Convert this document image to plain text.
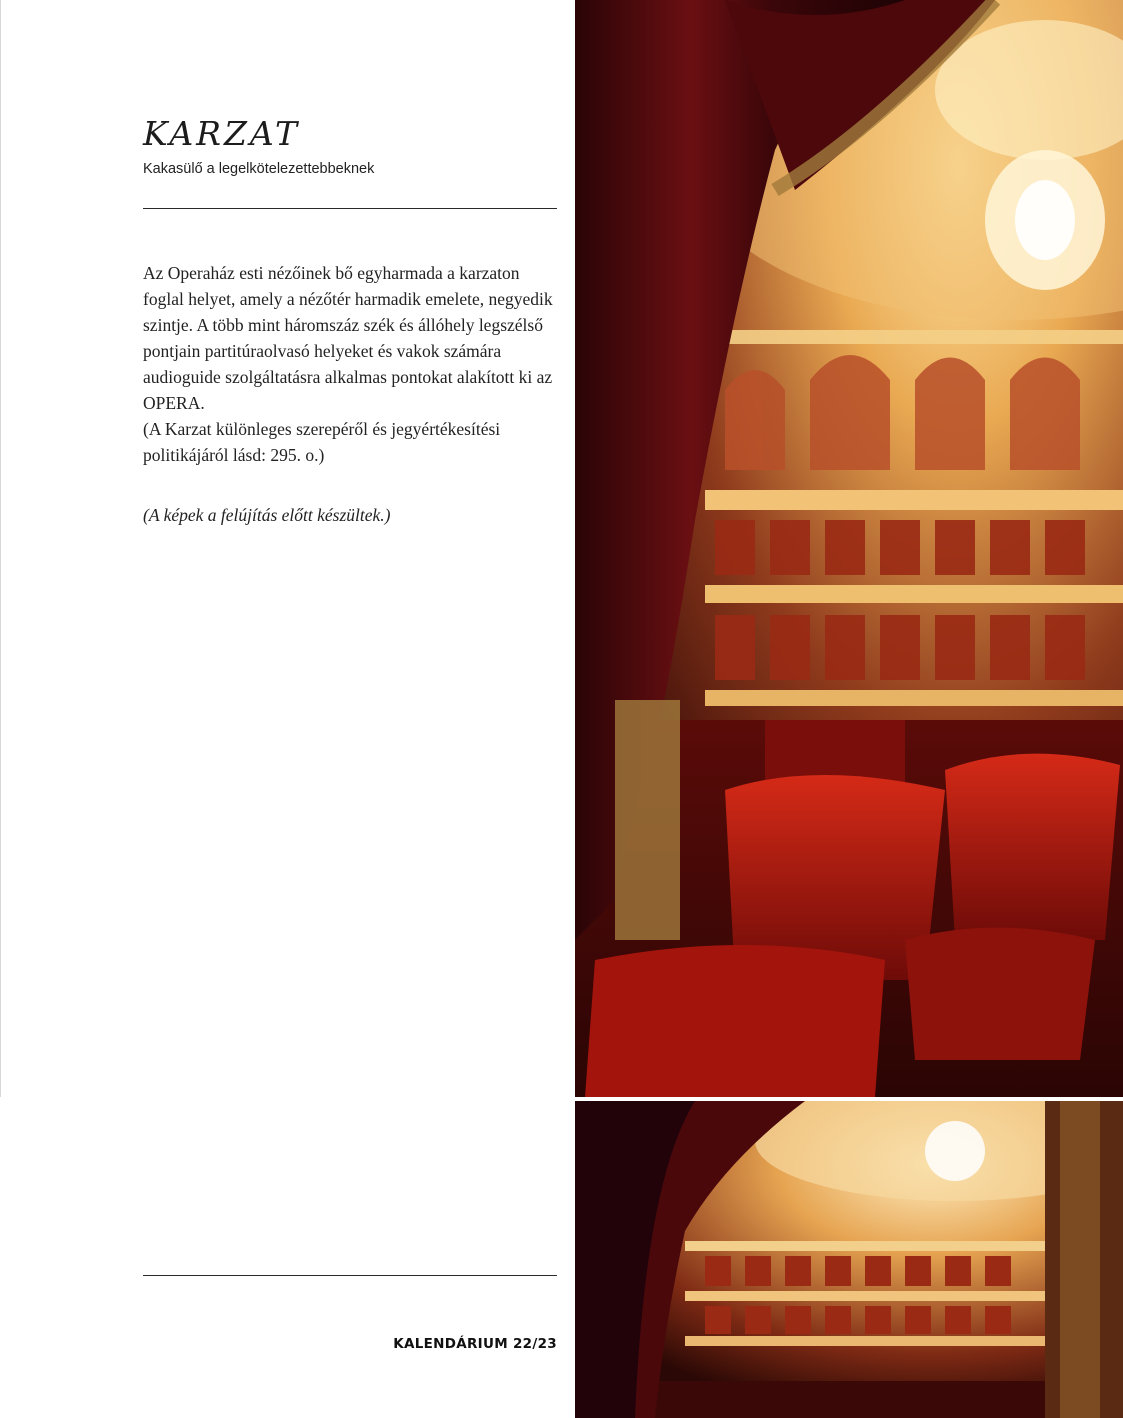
KARZAT

Kakasülő a legelkötelezettebbeknek

Az Operaház esti nézőinek bő egyharmada a karzaton foglal helyet, amely a nézőtér harmadik emelete, negyedik szintje. A több mint háromszáz szék és állóhely legszélső pontjain partitúraolvasó helyeket és vakok számára audioguide szolgáltatásra alkalmas pontokat alakított ki az OPERA.

(A Karzat különleges szerepéről és jegyértékesítési politikájáról lásd: 295. o.)

(A képek a felújítás előtt készültek.)

KALENDÁRIUM 22/23
